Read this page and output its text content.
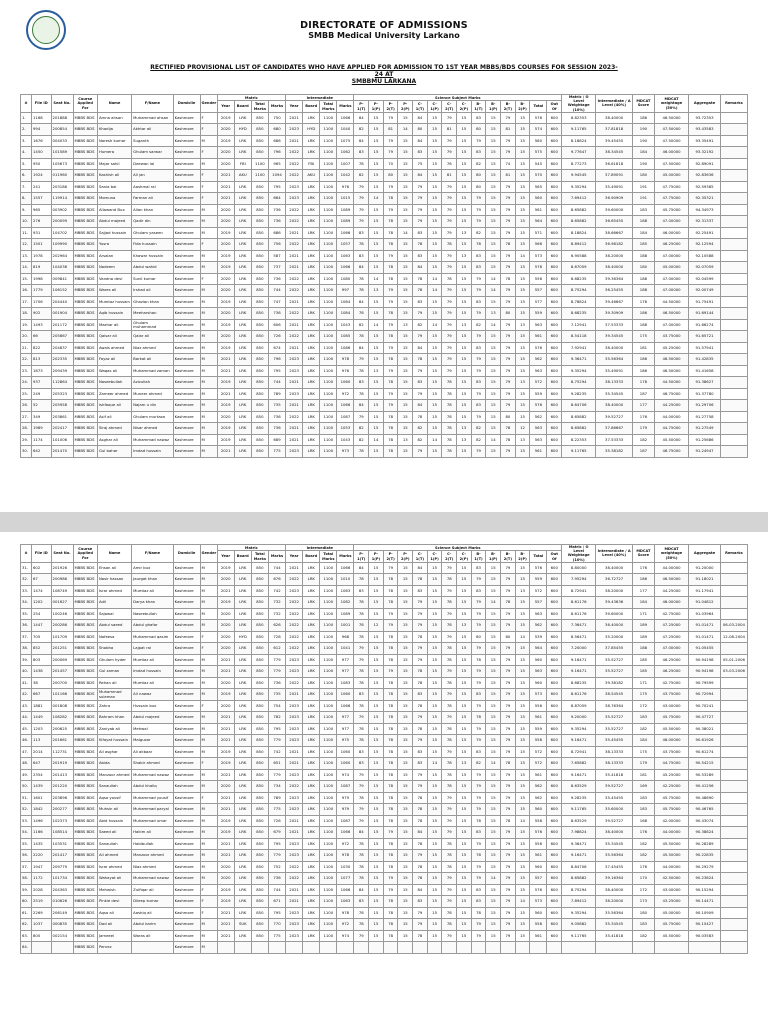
DIRECTORATE OF ADMISSIONS
SMBB Medical University Larkano
RECTIFIED PROVISIONAL LIST OF CANDIDATES WHO HAVE APPLIED FOR ADMISSION TO 1ST YEAR MBBS/BDS COURSES FOR SESSION 2023-
24 AT
SMBBMU LARKANA
#	File ID	Seat No.	Course Applied For	Name	F/Name	Domicile	Gender	Matric				Intermediate				Science Subject Marks														Matric / O Level Weightage (10%)	Intermediate / A Level (40%)	MDCAT Score	MDCAT weightage (50%)	Aggregate	Remarks
								Year	Board	Total Marks	Marks	Year	Board	Total Marks	Marks	P-1(T)	P-1(P)	P-2(T)	P-2(P)	C-1(T)	C-1(P)	C-2(T)	C-2(P)	B-1(T)	B-1(P)	B-2(T)	B-2(P)	Total	Out Of						
1.	1168	201888	MBBS BDS	Amna ahsan	Muhammad ahsan	Kashmore	F	2019	LRK	850	750	2021	LRK	1100	1066	84	15	79	15	84	15	79	15	83	15	79	15	576	600	8.82353	38.40000	186	46.50000	93.72353	
2.	994	200854	MBBS BDS	Khadija	Akhtar ali	Kashmore	F	2020	HYD	850	680	2023	HYD	1100	1040	82	15	81	14	80	15	81	15	80	15	81	15	574	600	9.11765	37.81818	190	47.50000	93.43583	
3.	1676	004033	MBBS BDS	Naresh kumar	Suganth	Kashmore	M	2019	LRK	850	686	2021	LRK	1100	1075	84	15	79	15	84	15	79	15	79	15	79	15	580	600	8.18824	39.45455	190	47.50000	93.35491	
4.	1450	101589	MBBS BDS	Humera	Ghulam sarwar	Kashmore	F	2020	LRK	850	796	2022	LRK	1100	1062	83	15	79	15	83	15	79	15	83	15	79	15	575	600	9.77647	38.34545	184	46.00000	93.32192	
5.	950	105673	MBBS BDS	Majar sahil	Deewan lal	Kashmore	M	2020	FBI	1100	965	2022	FBI	1100	1007	78	15	70	15	75	15	76	15	82	15	74	15	545	600	8.77273	36.61818	190	47.50000	92.89091	
6.	1924	011960	MBBS BDS	Kashish ali	Ali jan	Kashmore	F	2021	AKU	1100	1094	2022	AKU	1100	1042	82	15	80	15	84	15	81	15	80	15	81	15	570	600	9.94545	37.89091	180	45.00000	92.83636	
7.	241	203186	MBBS BDS	Sania bai	Aashmal rai	Kashmore	F	2021	LRK	850	795	2023	LRK	1100	976	79	15	79	15	79	15	79	15	80	15	79	15	565	600	9.35294	35.49091	191	47.75000	92.59385	
8.	1557	119914	MBBS BDS	Momuna	Farman ali	Kashmore	F	2021	LRK	850	664	2023	LRK	1100	1015	79	14	78	15	79	15	79	15	79	15	79	15	560	600	7.69412	36.90909	191	47.75000	92.35321	
9.	965	003902	MBBS BDS	Allawand Bux	Allan khan	Kashmore	M	2020	LRK	850	736	2022	LRK	1100	1089	79	15	79	15	79	15	79	15	79	15	79	15	561	600	8.65882	39.60000	183	45.75000	94.34973	
10.	276	200099	MBBS BDS	Abdul majeed	Qadir din	Kashmore	M	2020	LRK	850	736	2022	LRK	1100	1089	79	15	78	15	79	15	79	15	79	15	79	15	564	600	8.65882	36.65455	188	47.00000	92.31337	
11.	931	104702	MBBS BDS	Sajjad hussain	Ghulam yaseen	Kashmore	M	2019	LRK	850	686	2021	LRK	1100	1066	83	15	78	14	83	15	79	13	82	15	79	15	571	600	8.18824	38.66667	184	46.00000	92.25491	
12.	1501	109990	MBBS BDS	Yusra	Fida hussain	Kashmore	F	2020	LRK	850	756	2022	LRK	1100	1057	78	15	78	15	78	15	78	15	78	15	78	15	566	600	8.89412	36.98182	185	46.25000	92.12594	
13.	1978	202964	MBBS BDS	Arsalan	Khawar hussain	Kashmore	M	2019	LRK	850	587	2021	LRK	1100	1063	83	15	79	15	83	15	79	13	83	15	79	14	573	600	6.90588	38.20000	188	47.00000	92.10588	
14.	819	104036	MBBS BDS	Nadeem	Abdul wahid	Kashmore	M	2019	LRK	850	737	2021	LRK	1100	1066	84	15	78	15	84	15	79	15	83	15	79	15	576	600	8.67059	38.40000	180	45.00000	92.07059	
15.	1998	009841	MBBS BDS	Vandna devi	Sunil kumar	Kashmore	F	2020	LRK	850	736	2022	LRK	1100	1080	78	14	78	15	78	14	78	15	79	14	78	15	556	600	8.68235	39.36364	188	47.00000	92.04599	
16.	1779	106152	MBBS BDS	Wares ali	Irshad ali	Kashmore	M	2020	LRK	850	744	2022	LRK	1100	997	78	13	79	15	78	14	79	15	79	14	79	15	557	600	8.75294	36.25455	188	47.00000	92.00749	
17.	1706	204440	MBBS BDS	Mumtaz hussain	Ghazlan khan	Kashmore	M	2019	LRK	850	747	2021	LRK	1100	1084	84	15	79	15	83	15	79	15	83	15	79	15	577	600	8.78824	39.46667	178	44.50000	91.75491	
18.	902	001904	MBBS BDS	Aqib hussain	Meeharshan	Kashmore	M	2020	LRK	850	736	2022	LRK	1100	1084	78	15	78	15	79	15	79	15	79	13	80	15	559	600	8.68235	39.30909	186	46.50000	91.69144	
19.	1493	201172	MBBS BDS	Mazhar ali	Ghulam muhammad	Kashmore	M	2019	LRK	850	606	2021	LRK	1100	1043	82	14	79	13	82	14	79	13	82	14	79	13	563	600	7.12941	37.53333	188	47.00000	91.66274	
20.	66	205867	MBBS BDS	Qaisar ali	Qalar ali	Kashmore	M	2020	LRK	850	726	2022	LRK	1100	1085	78	15	78	15	79	15	79	15	79	15	79	15	561	600	8.54118	39.34545	175	43.75000	91.65721	
21.	822	204837	MBBS BDS	Awais ahmed	Niaz ahmed	Kashmore	M	2019	LRK	850	674	2021	LRK	1100	1086	84	15	79	15	84	15	79	15	83	15	79	15	576	600	7.92941	38.40000	181	45.25000	91.57941	
22.	813	202335	MBBS BDS	Fayaz ali	Barkat ali	Kashmore	M	2021	LRK	850	796	2023	LRK	1100	978	79	15	78	15	78	15	79	15	79	15	79	15	562	600	9.36471	35.56364	186	46.50000	91.42835	
23.	1873	209439	MBBS BDS	Waqas ali	Muhammad zaman	Kashmore	M	2021	LRK	850	795	2023	LRK	1100	976	78	13	79	15	79	15	79	15	79	15	79	15	563	600	9.35294	35.49091	186	46.50000	91.41658	
24.	937	112864	MBBS BDS	Naseebullah	Azizullah	Kashmore	M	2019	LRK	850	744	2021	LRK	1100	1060	83	15	78	15	83	15	78	15	83	15	79	13	572	600	8.75294	38.13333	178	44.50000	91.38627	
25.	249	205323	MBBS BDS	Zameer ahmed	Muneer ahmed	Kashmore	M	2021	LRK	850	789	2023	LRK	1100	972	78	15	79	15	79	15	78	15	79	15	79	15	559	600	9.28235	35.34545	187	46.75000	91.37780	
26.	52	205958	MBBS BDS	Ishfaque ali	Najam u din	Kashmore	M	2019	LRK	850	735	2021	LRK	1100	1066	84	15	79	15	84	15	78	15	83	15	79	15	576	600	8.64706	38.40000	177	44.25000	91.29706	
27.	349	203861	MBBS BDS	Asif ali	Ghulam murtaza	Kashmore	M	2020	LRK	850	736	2022	LRK	1100	1087	79	15	78	15	78	15	78	15	79	15	80	15	562	600	8.65882	39.52727	176	44.00000	91.27758	
28.	1989	202417	MBBS BDS	Siraj ahmed	Nisar ahmed	Kashmore	M	2019	LRK	850	736	2021	LRK	1100	1053	82	15	78	15	82	15	78	13	82	15	78	12	563	600	8.65882	37.86667	179	44.75000	91.27549	
29.	1174	101006	MBBS BDS	Asghar ali	Muhammad nawaz	Kashmore	M	2019	LRK	850	689	2021	LRK	1100	1043	82	14	78	13	82	14	78	13	82	14	78	13	563	600	8.22353	37.53333	182	45.50000	91.25686	
30.	642	201470	MBBS BDS	Gul bahar	Imdad hussain	Kashmore	M	2021	LRK	850	775	2023	LRK	1100	973	78	15	78	15	79	15	78	15	79	15	79	15	561	600	9.11765	35.38182	187	46.75000	91.24947	
#	File ID	Seat No.	Course Applied For	Name	F/Name	Domicile	Gender	Matric				Intermediate				Science Subject Marks														Matric / O Level Weightage (10%)	Intermediate / A Level (40%)	MDCAT Score	MDCAT weightage (50%)	Aggregate	Remarks
								Year	Board	Total Marks	Marks	Year	Board	Total Marks	Marks	P-1(T)	P-1(P)	P-2(T)	P-2(P)	C-1(T)	C-1(P)	C-2(T)	C-2(P)	B-1(T)	B-1(P)	B-2(T)	B-2(P)	Total	Out Of						
31.	602	201926	MBBS BDS	Ehsan ali	Amir bux	Kashmore	M	2019	LRK	850	744	2021	LRK	1100	1066	84	15	79	15	84	15	79	15	83	15	79	15	576	600	8.80000	38.40000	176	44.00000	91.20000	
32.	67	200986	MBBS BDS	Nasir hassan	Jaurgat khan	Kashmore	M	2020	LRK	850	676	2022	LRK	1100	1010	78	15	78	15	78	15	78	15	79	15	79	15	559	600	7.95294	36.72727	186	46.50000	91.18021	
33.	1474	108749	MBBS BDS	Israr ahmed	Mumtaz ali	Kashmore	M	2021	LRK	850	742	2023	LRK	1100	1063	83	15	78	15	83	15	79	15	83	15	79	13	572	600	8.72941	38.20000	177	44.25000	91.17941	
34.	1202	001627	MBBS BDS	Adil	Darya khan	Kashmore	M	2019	LRK	850	732	2022	LRK	1100	1082	78	15	78	15	79	15	78	15	79	14	78	15	557	600	8.61176	39.43636	184	46.00000	91.04812	
35.	254	100246	MBBS BDS	Sajawal	Naseebullah	Kashmore	M	2020	LRK	850	732	2022	LRK	1100	1089	78	15	79	15	79	15	79	15	79	15	79	15	563	600	8.61176	39.60000	171	42.75000	91.03964	
36.	1447	200286	MBBS BDS	Abdul saeed	Abdul ghafar	Kashmore	M	2020	LRK	850	626	2022	LRK	1100	1001	78	12	79	15	79	15	78	13	79	15	79	15	562	600	7.36471	36.40000	189	47.25000	91.01471	06-03-2004
37.	705	101709	MBBS BDS	Nafeesa	Muhammad qasim	Kashmore	F	2020	HYD	850	728	2022	LRK	1100	968	78	15	78	15	78	15	79	15	80	15	80	14	539	600	8.56471	35.20000	189	47.25000	91.01471	12-08-2004
38.	852	201251	MBBS BDS	Shobha	Lajpat rai	Kashmore	F	2020	LRK	850	612	2022	LRK	1100	1041	79	15	78	15	79	15	78	15	79	15	79	15	564	600	7.20000	37.85455	188	47.00000	91.05455	
39.	803	200069	MBBS BDS	Ghulam hyder	Mumtaz ali	Kashmore	M	2021	LRK	850	779	2023	LRK	1100	977	79	15	78	15	79	15	78	15	78	15	79	15	560	600	9.16471	35.52727	185	46.25000	90.94198	05-01-2006
40.	1438	201457	MBBS BDS	Gul zaman	Imdad hussain	Kashmore	M	2021	LRK	850	779	2023	LRK	1100	977	78	15	79	15	78	15	79	15	79	15	79	15	563	600	9.16471	35.52727	185	46.25000	90.94198	03-03-2006
41.	38	200700	MBBS BDS	Rehan ali	Mumtaz ali	Kashmore	M	2020	LRK	850	736	2022	LRK	1100	1083	78	15	78	15	78	15	78	15	79	15	79	15	560	600	8.68235	39.38182	171	42.75000	90.79599	
42.	667	101166	MBBS BDS	Muhammad suleman	Ali nawaz	Kashmore	M	2019	LRK	850	735	2021	LRK	1100	1060	83	15	78	15	83	15	79	15	83	15	79	15	573	600	8.61176	38.54545	175	43.75000	90.72994	
43.	1881	001808	MBBS BDS	Zahra	Hussain bux	Kashmore	F	2020	LRK	850	754	2023	LRK	1100	1066	78	15	78	15	78	15	78	15	79	15	79	15	556	600	8.87059	38.76364	172	43.00000	90.70241	
44.	1449	108282	MBBS BDS	Bahram khan	Abdul majeed	Kashmore	M	2021	LRK	850	782	2023	LRK	1100	977	79	15	78	15	79	15	79	15	78	15	79	15	561	600	9.20000	35.52727	183	45.75000	90.47727	
45.	1203	200625	MBBS BDS	Zaniyab ali	Mehwal	Kashmore	M	2021	LRK	850	795	2023	LRK	1100	977	78	15	78	15	78	15	78	15	79	15	79	15	559	600	9.35294	35.52727	182	45.50000	90.38021	
46.	113	201661	MBBS BDS	Kifayat hussain	Malguzar	Kashmore	M	2021	LRK	850	779	2023	LRK	1100	975	78	15	78	15	79	15	78	15	79	15	79	15	558	600	9.16471	35.45455	184	46.00000	90.61926	
47.	2014	112731	MBBS BDS	Ali asghar	Ali akbaar	Kashmore	M	2019	LRK	850	742	2021	LRK	1100	1060	83	15	78	15	83	15	79	15	83	15	79	15	572	600	8.72941	38.13333	175	43.75000	90.61274	
48.	647	201919	MBBS BDS	Abida	Shabir ahmed	Kashmore	F	2019	LRK	850	651	2021	LRK	1100	1060	83	15	78	15	83	14	78	13	82	14	78	15	572	600	7.65882	38.13333	179	44.75000	90.54215	
49.	2354	201413	MBBS BDS	Manzoor ahmed	Muhammad nawaz	Kashmore	M	2021	LRK	850	779	2023	LRK	1100	974	79	15	78	15	79	15	78	15	79	15	79	15	561	600	9.16471	35.41818	181	45.25000	90.53289	
50.	1439	201220	MBBS BDS	Sanaullah	Abdul khaliq	Kashmore	M	2020	LRK	850	734	2022	LRK	1100	1087	79	15	78	15	79	15	78	15	79	15	79	15	562	600	8.63529	39.52727	169	42.25000	90.41256	
51.	1601	203896	MBBS BDS	Aqsa yousif	Muhammad yousif	Kashmore	F	2021	LRK	850	789	2023	LRK	1100	979	78	15	78	15	78	15	79	15	79	15	79	15	562	600	9.28235	35.45455	183	45.75000	90.48690	
52.	1842	200277	MBBS BDS	Muhsin ali	Muhammad paryal	Kashmore	M	2021	LRK	850	775	2023	LRK	1100	979	79	15	78	15	78	15	79	15	79	15	79	15	560	600	9.11765	35.60000	183	45.75000	90.46765	
53.	1496	102373	MBBS BDS	Abid hussain	Muhammad umar	Kashmore	M	2019	LRK	850	726	2021	LRK	1100	1087	79	15	78	15	78	15	79	15	78	15	78	14	558	600	8.63529	39.52727	168	42.00000	90.43074	
54.	1166	108514	MBBS BDS	Saeed ali	Hakim ali	Kashmore	M	2019	LRK	850	679	2021	LRK	1100	1066	84	15	79	15	84	15	79	15	83	15	79	15	576	600	7.98824	38.40000	176	44.00000	90.38824	
55.	1435	103531	MBBS BDS	Sanaullah	Habibullah	Kashmore	M	2021	LRK	850	795	2023	LRK	1100	972	78	15	78	15	78	15	78	15	79	15	79	15	556	600	9.36471	35.34545	182	45.50000	90.28289	
56.	2220	201417	MBBS BDS	Ali ahmed	Manzoor ahmed	Kashmore	M	2021	LRK	850	779	2023	LRK	1100	978	78	15	78	15	79	15	78	15	78	15	79	15	561	600	9.16471	35.56364	182	45.50000	90.22835	
57.	1947	209779	MBBS BDS	Israr ahmed	Niaz ahmed	Kashmore	M	2020	LRK	850	752	2022	LRK	1100	1030	78	15	78	15	78	15	78	15	79	15	79	15	560	600	8.84706	37.45455	176	44.00000	90.29279	
58.	1172	101734	MBBS BDS	Wahayat ali	Muhammad nawaz	Kashmore	M	2020	LRK	850	736	2022	LRK	1100	1077	78	15	79	15	78	15	79	15	79	14	79	15	557	600	8.65882	39.16364	170	42.50000	90.23824	
59.	2028	204363	MBBS BDS	Mehwish	Zulfiqar ali	Kashmore	F	2019	LRK	850	744	2021	LRK	1100	1066	84	15	79	15	84	15	79	15	83	15	79	15	576	600	8.75294	38.40000	172	43.00000	90.15294	
60.	2519	010626	MBBS BDS	Pinkie devi	Dileep kumar	Kashmore	F	2019	LRK	850	671	2021	LRK	1100	1063	83	15	78	15	83	15	79	15	83	15	79	14	573	600	7.89412	38.20000	173	43.25000	90.14471	
61.	2269	206149	MBBS BDS	Aqsa ali	Aashiq ali	Kashmore	F	2021	LRK	850	795	2023	LRK	1100	978	78	15	78	15	79	15	78	15	78	15	79	15	560	600	9.35294	35.56364	180	45.00000	90.10909	
62.	1037	000835	MBBS BDS	Dad ali	Abdul karim	Kashmore	M	2021	SUK	850	770	2023	LRK	1100	972	78	15	78	15	79	15	78	15	79	15	79	15	558	600	9.05882	35.34545	183	45.75000	90.15427	
63.	800	002154	MBBS BDS	Jameeel	Waras ali	Kashmore	M	2021	LRK	850	775	2023	LRK	1100	974	79	15	78	15	78	15	79	15	79	15	79	15	561	600	9.11765	35.41818	182	45.50000	90.03583	
64.			MBBS BDS	Pervez		Kashmore	M																												
